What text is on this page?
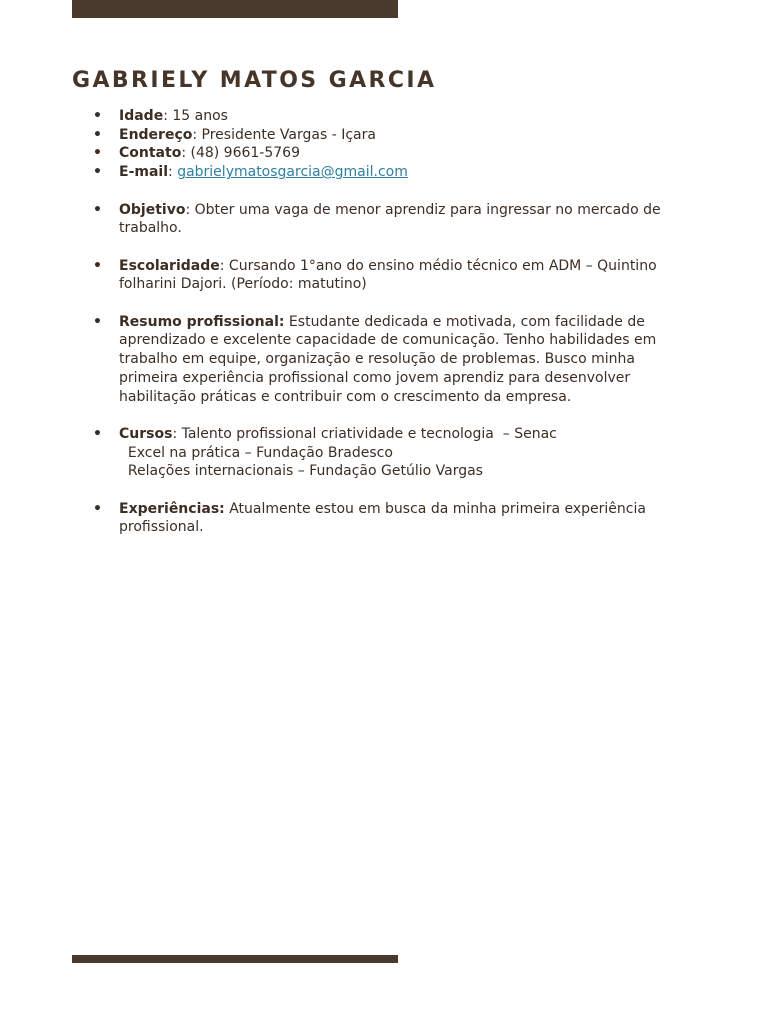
GABRIELY MATOS GARCIA
• Idade: 15 anos
• Endereço: Presidente Vargas - Içara
• Contato: (48) 9661-5769
• E-mail: gabrielymatosgarcia@gmail.com
• Objetivo: Obter uma vaga de menor aprendiz para ingressar no mercado de trabalho.
• Escolaridade: Cursando 1°ano do ensino médio técnico em ADM – Quintino folharini Dajori. (Período: matutino)
• Resumo profissional: Estudante dedicada e motivada, com facilidade de aprendizado e excelente capacidade de comunicação. Tenho habilidades em trabalho em equipe, organização e resolução de problemas. Busco minha primeira experiência profissional como jovem aprendiz para desenvolver habilitação práticas e contribuir com o crescimento da empresa.
• Cursos: Talento profissional criatividade e tecnologia  – Senac
Excel na prática – Fundação Bradesco
Relações internacionais – Fundação Getúlio Vargas
• Experiências: Atualmente estou em busca da minha primeira experiência profissional.
